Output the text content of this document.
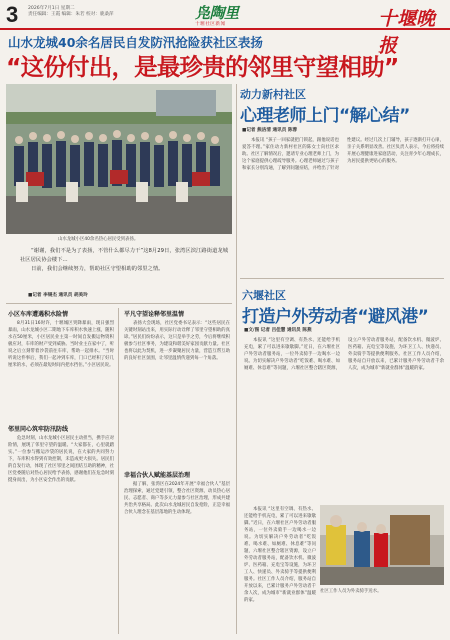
3 2026年7月1日 星期二
责任编辑：王霞 编辑：朱若 校对：鹿桑萍	凫陶里
十堰社区新闻	十堰晚报
山水龙城40余名居民自发防汛抢险获社区表扬
“这份付出，是最珍贵的邻里守望相助”
山水龙城小区40余名热心居民受到表扬。

“谢谢，我们不是为了表扬，不管什么都尽力干”这8月29日，张湾区滨江路街道龙城社区居民协会楼下…

日前，我们会继续努力，帮助社区守望相助的邻里之情。

■记者 李锡杰 通讯员 胡美玲
小区车库遭遇积水险情

8月31日16时许，十堰城区突降暴雨，现日强烈暴雨，山水龙城小区二期地下车库积水快速上涨，随积水在50厘米，小区居民业主第一时间自发搬运物资积极应对，车库的财产受到威胁。当时业主在家中了，听说之后立刻带着沙袋前往车库，帮助一起排水。“当时听说这件事后，我们一起冲到车库，门口已经积了好几厘米的水，必须在最短时间内把水挡住。”小区居民说。

邻里同心筑牢防汛防线

危急时刻，山水龙城小区居民主动担当，携手应对险情，展现了邻里守望的温暖。“大家都在，心里就踏实。”一位参与搬运沙袋的居民说，在大家的共同努力下，车库积水得到有效控制，未造成更大损失。居民们的自发行动，体现了社区邻里之间团结互助的精神，社区党委随后对热心居民给予表扬，感谢他们在危急时刻挺身而出，为小区安全作出的贡献。

平凡守望诠释邻里温情

表扬大会现场，社区党委书记表示：“这些居民在关键时刻站出来，用实际行动诠释了邻里守望相助的真谛。”居民们纷纷表示，这只是举手之劳，今后将继续积极参与社区事务，为建设和谐美好家园贡献力量。社区也将以此为契机，进一步凝聚居民力量，营造互帮互助的良好社区氛围，让邻里温情传递到每一个角落。

幸福合伙人赋能基层治理

据了解，张湾区在2024年开展“幸福合伙人”基层治理探索，通过党建引领，整合社区资源，动员热心居民、志愿者、商户等多元力量参与社区治理，形成共建共治共享格局。此次山水龙城居民自发抢险，正是幸福合伙人理念在基层落地的生动体现。

动力新村社区
心理老师上门“解心结”
■记者 熊洁清 通讯员 陈蓉

本报讯 “孩子一回家就把门锁起，跟他说话也爱答不理。”家住动力新村社区的陈女士向社区求助。社区了解情况后，邀请专业心理老师上门，为这个家庭提供心理疏导服务。心理老师通过与孩子和家长分别沟通，了解到问题症结，并给出了针对性建议。经过几次上门辅导，孩子逐渐打开心扉，亲子关系明显改善。社区负责人表示，今后将持续开展心理健康进家庭活动，关注青少年心理成长，为居民提供更贴心的服务。

六堰社区
打造户外劳动者“避风港”
■文/图 记者 吕佳慧 通讯员 陈燕

本报讯 “这里有空调、有热水、还能给手机充电，累了可以进来歇歇脚。”近日，在六堰社区户外劳动者服务站，一位外卖骑手一边喝水一边说。为切实解决户外劳动者“吃饭难、喝水难、如厕难、休息难”等问题，六堰社区整合辖区资源，设立户外劳动者服务站，配备饮水机、微波炉、医药箱、充电宝等设施，为环卫工人、快递员、外卖骑手等提供便利服务。社区工作人员介绍，服务站自开放以来，已累计服务户外劳动者千余人次，成为城市“新就业群体”温暖的家。

本报讯 “这里有空调、有热水、还能给手机充电，累了可以进来歇歇脚。”近日，在六堰社区户外劳动者服务站，一位外卖骑手一边喝水一边说。为切实解决户外劳动者“吃饭难、喝水难、如厕难、休息难”等问题，六堰社区整合辖区资源，设立户外劳动者服务站，配备饮水机、微波炉、医药箱、充电宝等设施，为环卫工人、快递员、外卖骑手等提供便利服务。社区工作人员介绍，服务站自开放以来，已累计服务户外劳动者千余人次，成为城市“新就业群体”温暖的家。

社区工作人员为外卖骑手送水。
